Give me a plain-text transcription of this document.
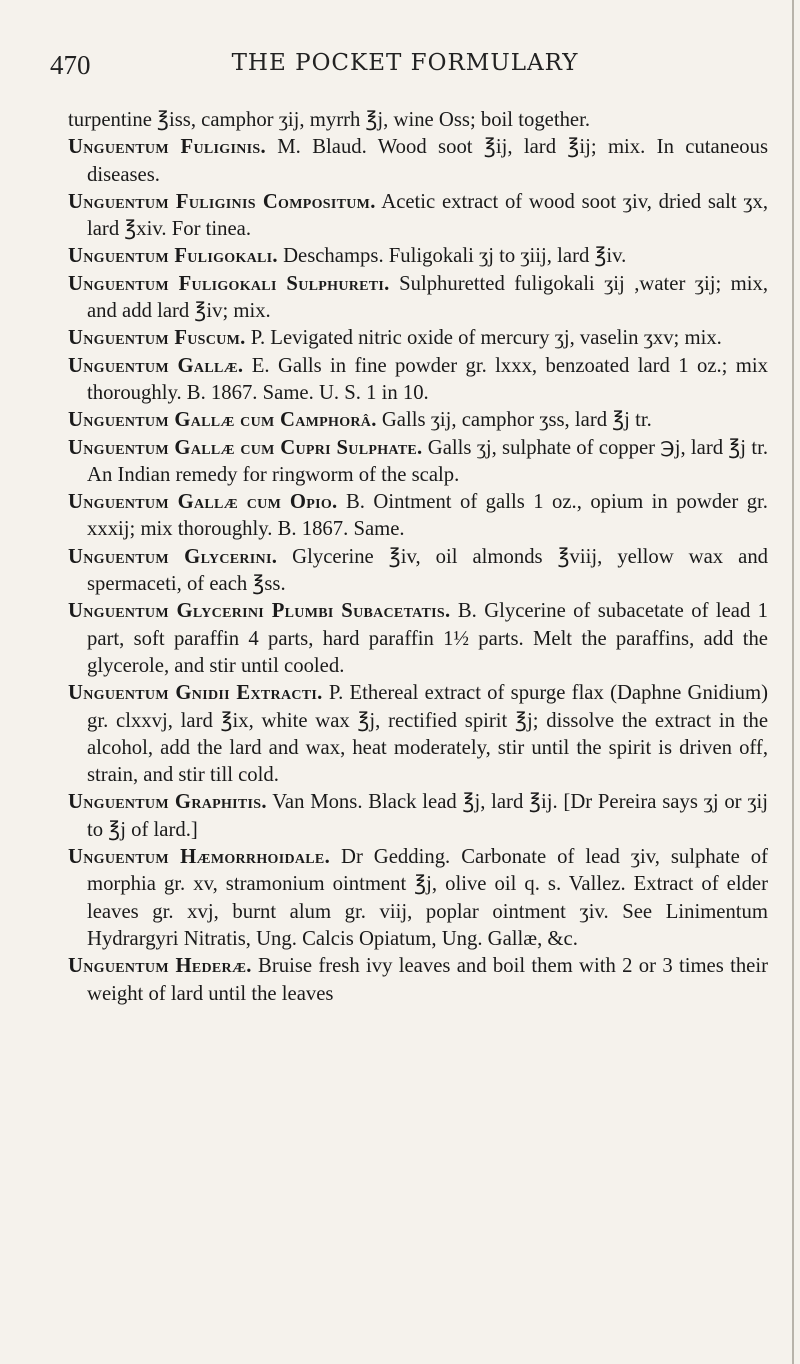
470	THE POCKET FORMULARY

turpentine ℥iss, camphor ʒij, myrrh ℥j, wine Oss; boil together.

Unguentum Fuliginis. M. Blaud. Wood soot ℥ij, lard ℥ij; mix. In cutaneous diseases.

Unguentum Fuliginis Compositum. Acetic extract of wood soot ʒiv, dried salt ʒx, lard ℥xiv. For tinea.

Unguentum Fuligokali. Deschamps. Fuligokali ʒj to ʒiij, lard ℥iv.

Unguentum Fuligokali Sulphureti. Sulphuretted fuligokali ʒij ,water ʒij; mix, and add lard ℥iv; mix.

Unguentum Fuscum. P. Levigated nitric oxide of mercury ʒj, vaselin ʒxv; mix.

Unguentum Gallæ. E. Galls in fine powder gr. lxxx, benzoated lard 1 oz.; mix thoroughly. B. 1867. Same. U. S. 1 in 10.

Unguentum Gallæ cum Camphorâ. Galls ʒij, camphor ʒss, lard ℥j tr.

Unguentum Gallæ cum Cupri Sulphate. Galls ʒj, sulphate of copper ℈j, lard ℥j tr. An Indian remedy for ringworm of the scalp.

Unguentum Gallæ cum Opio. B. Ointment of galls 1 oz., opium in powder gr. xxxij; mix thoroughly. B. 1867. Same.

Unguentum Glycerini. Glycerine ℥iv, oil almonds ℥viij, yellow wax and spermaceti, of each ℥ss.

Unguentum Glycerini Plumbi Subacetatis. B. Glycerine of subacetate of lead 1 part, soft paraffin 4 parts, hard paraffin 1½ parts. Melt the paraffins, add the glycerole, and stir until cooled.

Unguentum Gnidii Extracti. P. Ethereal extract of spurge flax (Daphne Gnidium) gr. clxxvj, lard ℥ix, white wax ℥j, rectified spirit ℥j; dissolve the extract in the alcohol, add the lard and wax, heat moderately, stir until the spirit is driven off, strain, and stir till cold.

Unguentum Graphitis. Van Mons. Black lead ℥j, lard ℥ij. [Dr Pereira says ʒj or ʒij to ℥j of lard.]

Unguentum Hæmorrhoidale. Dr Gedding. Carbonate of lead ʒiv, sulphate of morphia gr. xv, stramonium ointment ℥j, olive oil q. s. Vallez. Extract of elder leaves gr. xvj, burnt alum gr. viij, poplar ointment ʒiv. See Linimentum Hydrargyri Nitratis, Ung. Calcis Opiatum, Ung. Gallæ, &c.

Unguentum Hederæ. Bruise fresh ivy leaves and boil them with 2 or 3 times their weight of lard until the leaves
